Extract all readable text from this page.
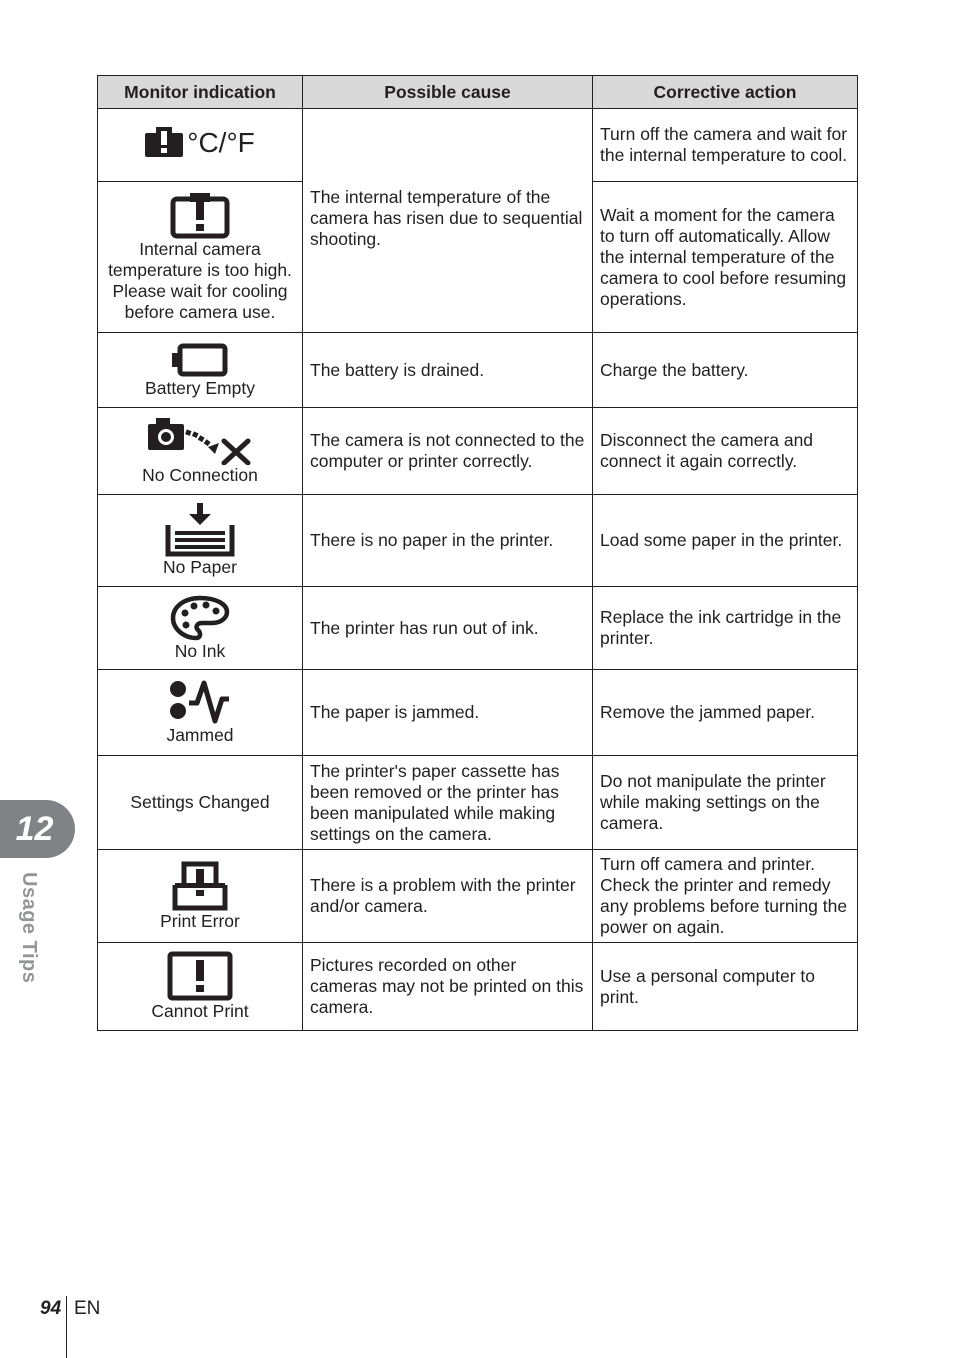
Monitor indication	Possible cause	Corrective action

°C/°F	The internal temperature of the camera has risen due to sequential shooting.	Turn off the camera and wait for the internal temperature to cool.

Internal camera temperature is too high. Please wait for cooling before camera use.		Wait a moment for the camera to turn off automatically. Allow the internal temperature of the camera to cool before resuming operations.

Battery Empty	The battery is drained.	Charge the battery.

No Connection	The camera is not connected to the computer or printer correctly.	Disconnect the camera and connect it again correctly.

No Paper	There is no paper in the printer.	Load some paper in the printer.

No Ink	The printer has run out of ink.	Replace the ink cartridge in the printer.

Jammed	The paper is jammed.	Remove the jammed paper.

Settings Changed	The printer's paper cassette has been removed or the printer has been manipulated while making settings on the camera.	Do not manipulate the printer while making settings on the camera.

Print Error	There is a problem with the printer and/or camera.	Turn off camera and printer. Check the printer and remedy any problems before turning the power on again.

Cannot Print	Pictures recorded on other cameras may not be printed on this camera.	Use a personal computer to print.
12
Usage Tips
94 EN
